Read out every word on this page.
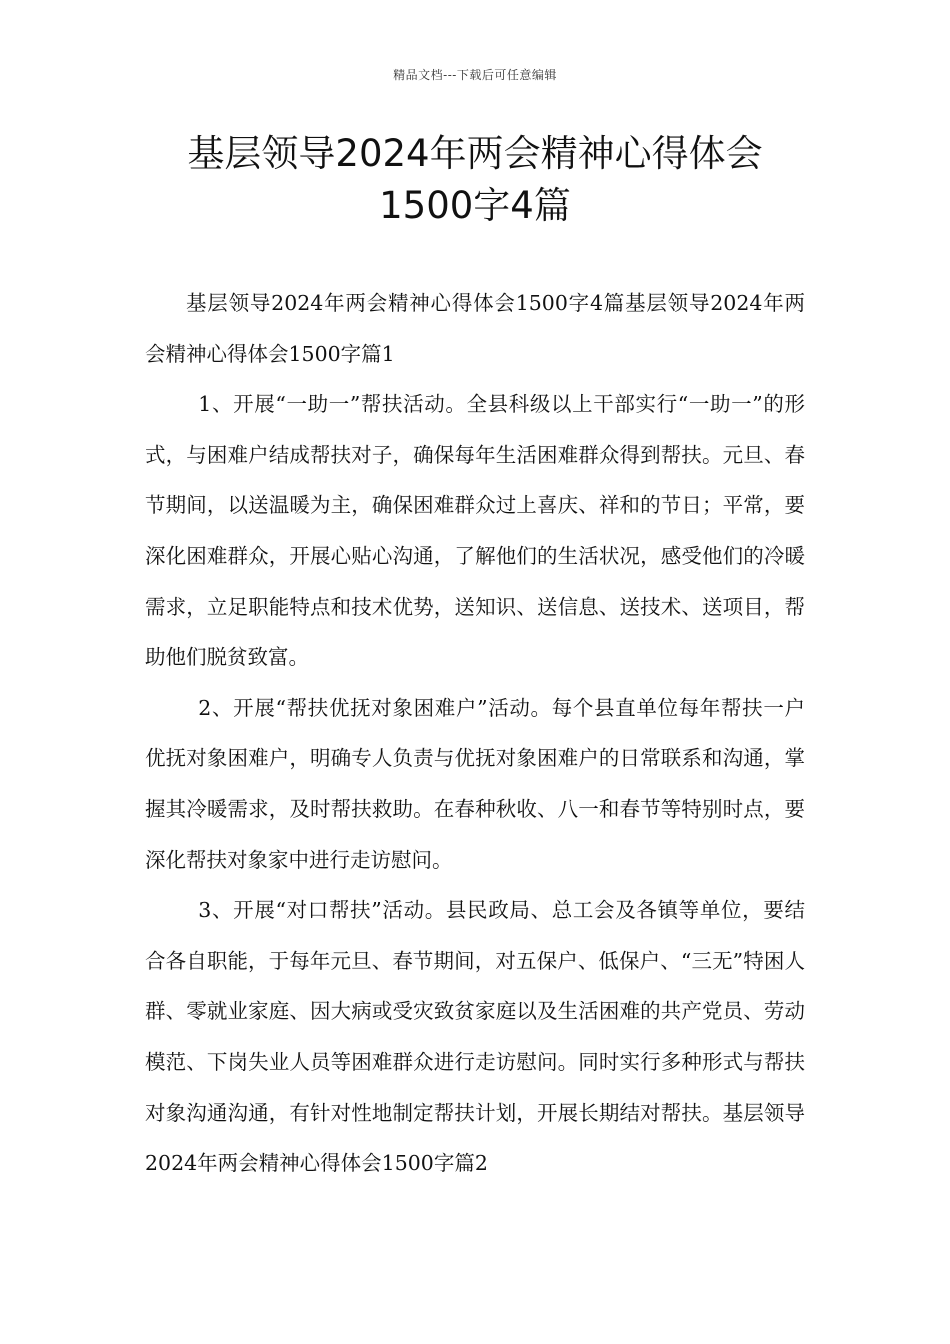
精品文档---下载后可任意编辑
基层领导2024年两会精神心得体会
1500字4篇

基层领导2024年两会精神心得体会1500字4篇基层领导2024年两会精神心得体会1500字篇1

1、开展“一助一”帮扶活动。全县科级以上干部实行“一助一”的形式，与困难户结成帮扶对子，确保每年生活困难群众得到帮扶。元旦、春节期间，以送温暖为主，确保困难群众过上喜庆、祥和的节日；平常，要深化困难群众，开展心贴心沟通，了解他们的生活状况，感受他们的冷暖需求，立足职能特点和技术优势，送知识、送信息、送技术、送项目，帮助他们脱贫致富。

2、开展“帮扶优抚对象困难户”活动。每个县直单位每年帮扶一户优抚对象困难户，明确专人负责与优抚对象困难户的日常联系和沟通，掌握其冷暖需求，及时帮扶救助。在春种秋收、八一和春节等特别时点，要深化帮扶对象家中进行走访慰问。

3、开展“对口帮扶”活动。县民政局、总工会及各镇等单位，要结合各自职能，于每年元旦、春节期间，对五保户、低保户、“三无”特困人群、零就业家庭、因大病或受灾致贫家庭以及生活困难的共产党员、劳动模范、下岗失业人员等困难群众进行走访慰问。同时实行多种形式与帮扶对象沟通沟通，有针对性地制定帮扶计划，开展长期结对帮扶。基层领导2024年两会精神心得体会1500字篇2
